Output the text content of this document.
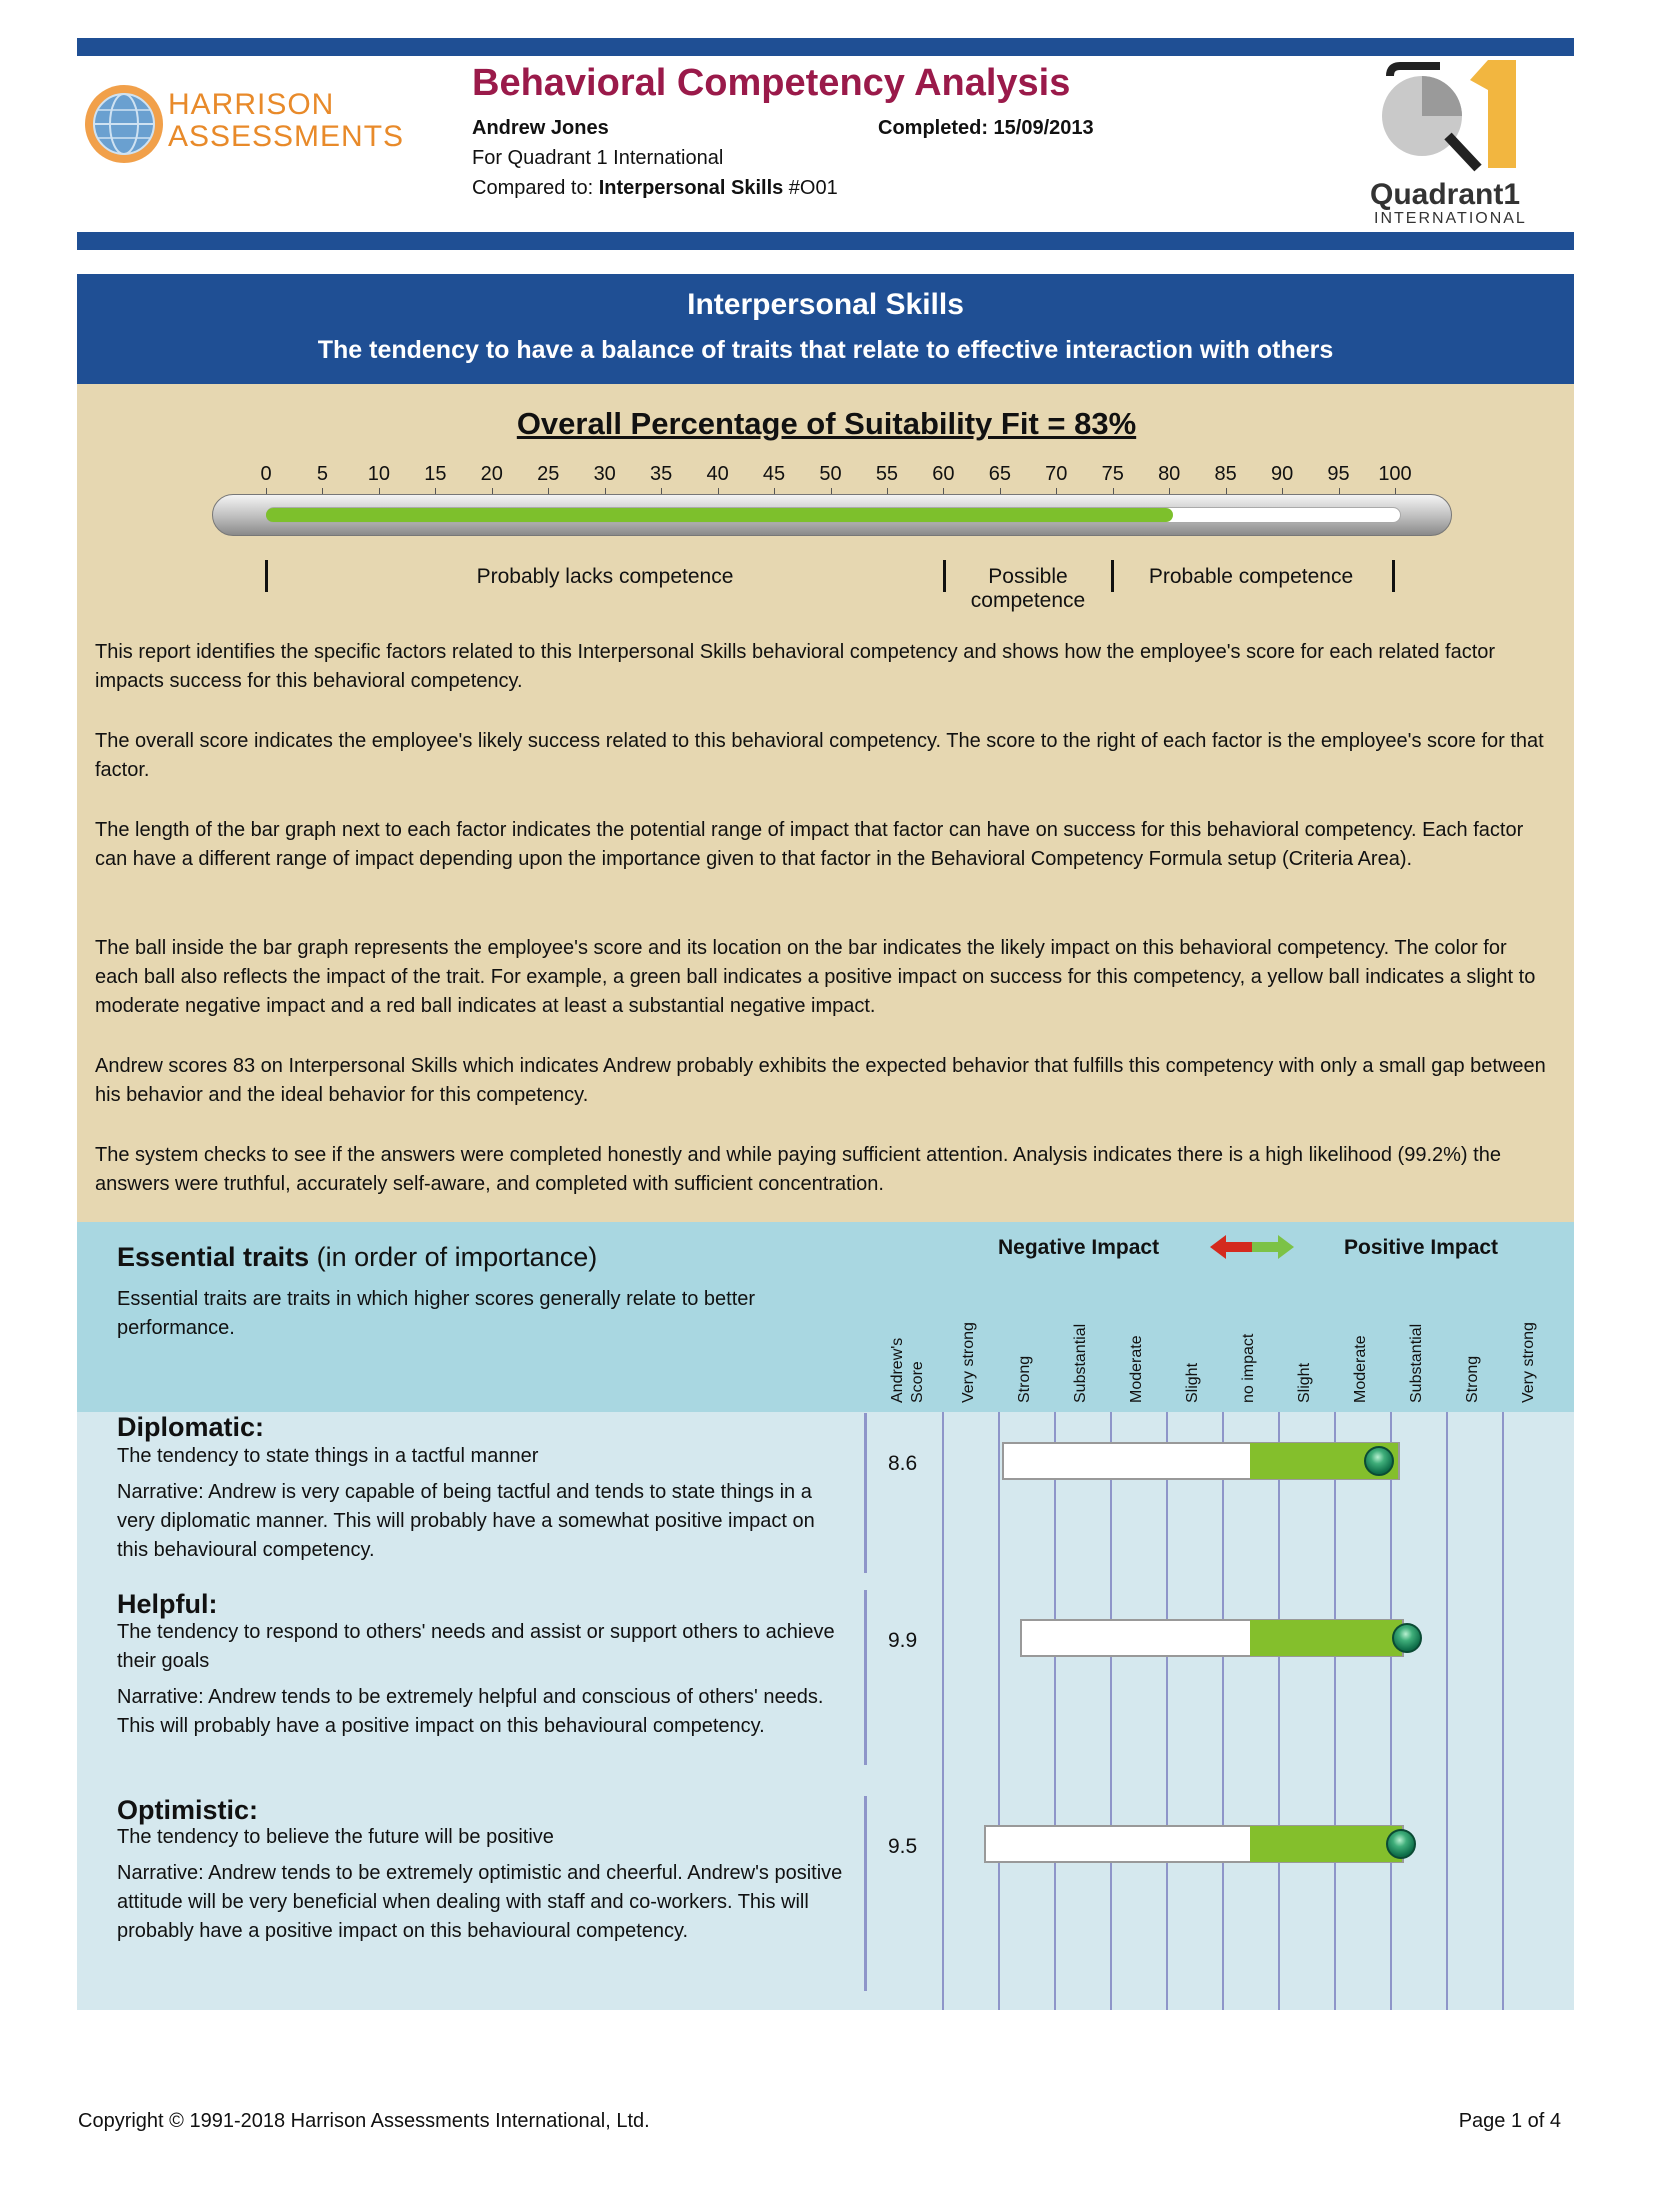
HARRISON
ASSESSMENTS
Behavioral Competency Analysis
Andrew Jones	Completed: 15/09/2013
For Quadrant 1 International
Compared to: Interpersonal Skills #O01	Quadrant1
INTERNATIONAL
Interpersonal Skills
The tendency to have a balance of traits that relate to effective interaction with others
Overall Percentage of Suitability Fit = 83%
0	5	10	15	20	25	30	35	40	45	50	55	60	65	70	75	80	85	90	95	100
Probably lacks competence	Possible
competence
Probable competence
This report identifies the specific factors related to this Interpersonal Skills behavioral competency and shows how the employee's score for each related factor impacts success for this behavioral competency.
The overall score indicates the employee's likely success related to this behavioral competency. The score to the right of each factor is the employee's score for that factor.
The length of the bar graph next to each factor indicates the potential range of impact that factor can have on success for this behavioral competency. Each factor can have a different range of impact depending upon the importance given to that factor in the Behavioral Competency Formula setup (Criteria Area).
The ball inside the bar graph represents the employee's score and its location on the bar indicates the likely impact on this behavioral competency. The color for each ball also reflects the impact of the trait. For example, a green ball indicates a positive impact on success for this competency, a yellow ball indicates a slight to moderate negative impact and a red ball indicates at least a substantial negative impact.
Andrew scores 83 on Interpersonal Skills which indicates Andrew probably exhibits the expected behavior that fulfills this competency with only a small gap between his behavior and the ideal behavior for this competency.
The system checks to see if the answers were completed honestly and while paying sufficient attention. Analysis indicates there is a high likelihood (99.2%) the answers were truthful, accurately self-aware, and completed with sufficient concentration.
Essential traits (in order of importance)
Essential traits are traits in which higher scores generally relate to better performance.
Negative Impact	Positive Impact
Andrew's Score Very strong	Strong	Substantial	Moderate	Slight	no impact	Slight	Moderate	Substantial	Strong	Very strong
Diplomatic:
The tendency to state things in a tactful manner
Narrative: Andrew is very capable of being tactful and tends to state things in a very diplomatic manner. This will probably have a somewhat positive impact on this behavioural competency.
8.6
Helpful:
The tendency to respond to others' needs and assist or support others to achieve their goals
Narrative: Andrew tends to be extremely helpful and conscious of others' needs. This will probably have a positive impact on this behavioural competency.
9.9
Optimistic:
The tendency to believe the future will be positive
Narrative: Andrew tends to be extremely optimistic and cheerful. Andrew's positive attitude will be very beneficial when dealing with staff and co-workers. This will probably have a positive impact on this behavioural competency.
9.5
Copyright © 1991-2018 Harrison Assessments International, Ltd.	Page 1 of 4
